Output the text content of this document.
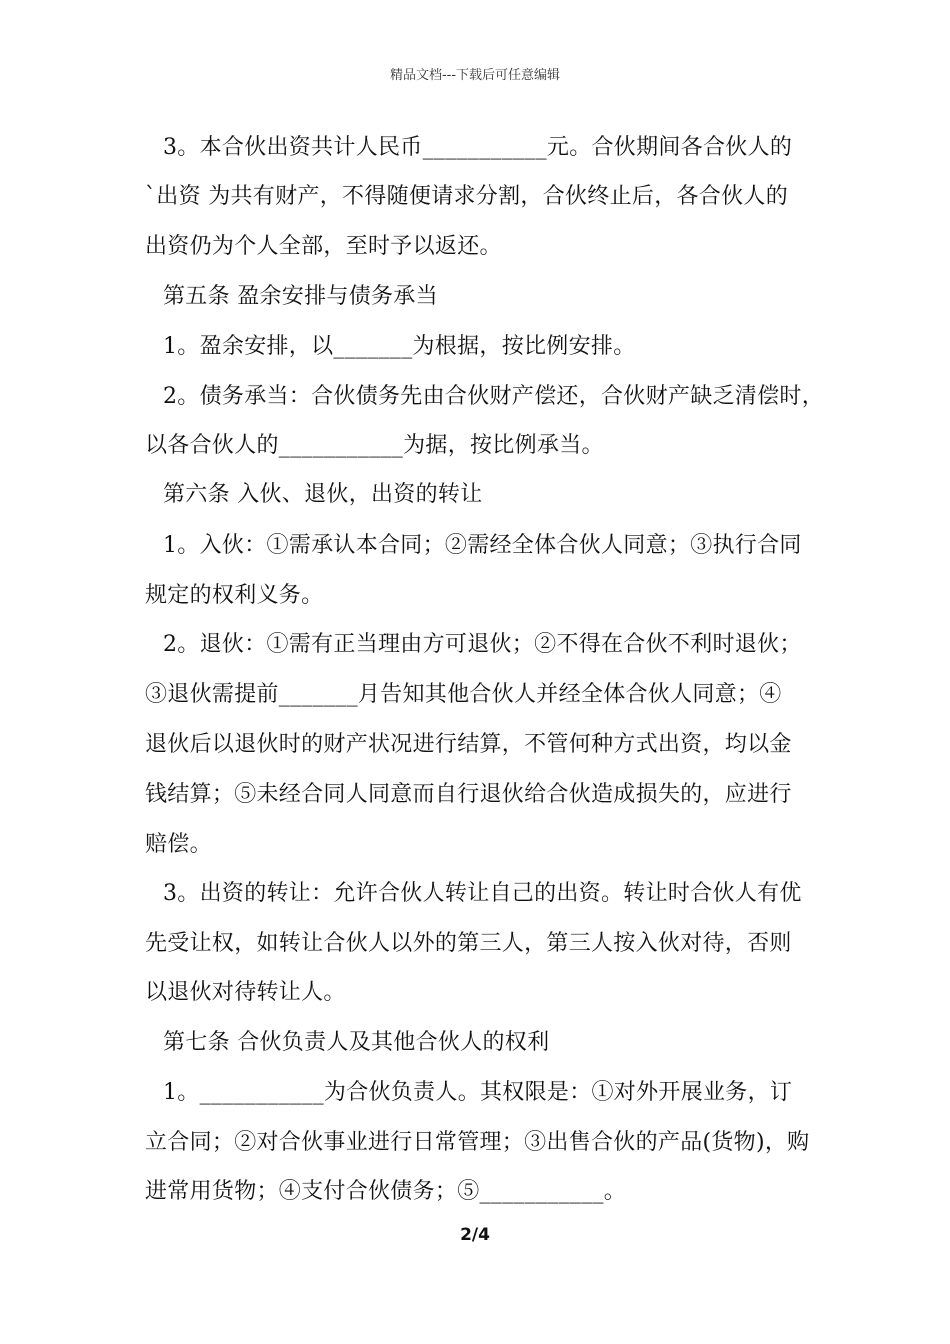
精品文档---下载后可任意编辑
3。本合伙出资共计人民币___________元。合伙期间各合伙人的
`出资 为共有财产，不得随便请求分割，合伙终止后，各合伙人的
出资仍为个人全部，至时予以返还。
第五条 盈余安排与债务承当
1。盈余安排，以_______为根据，按比例安排。
2。债务承当：合伙债务先由合伙财产偿还，合伙财产缺乏清偿时，
以各合伙人的___________为据，按比例承当。
第六条 入伙、退伙，出资的转让
1。入伙：①需承认本合同；②需经全体合伙人同意；③执行合同
规定的权利义务。
2。退伙：①需有正当理由方可退伙；②不得在合伙不利时退伙；
③退伙需提前_______月告知其他合伙人并经全体合伙人同意；④
退伙后以退伙时的财产状况进行结算，不管何种方式出资，均以金
钱结算；⑤未经合同人同意而自行退伙给合伙造成损失的，应进行
赔偿。
3。出资的转让：允许合伙人转让自己的出资。转让时合伙人有优
先受让权，如转让合伙人以外的第三人，第三人按入伙对待，否则
以退伙对待转让人。
第七条 合伙负责人及其他合伙人的权利
1。___________为合伙负责人。其权限是：①对外开展业务，订
立合同；②对合伙事业进行日常管理；③出售合伙的产品(货物)，购
进常用货物；④支付合伙债务；⑤___________。
2/4
